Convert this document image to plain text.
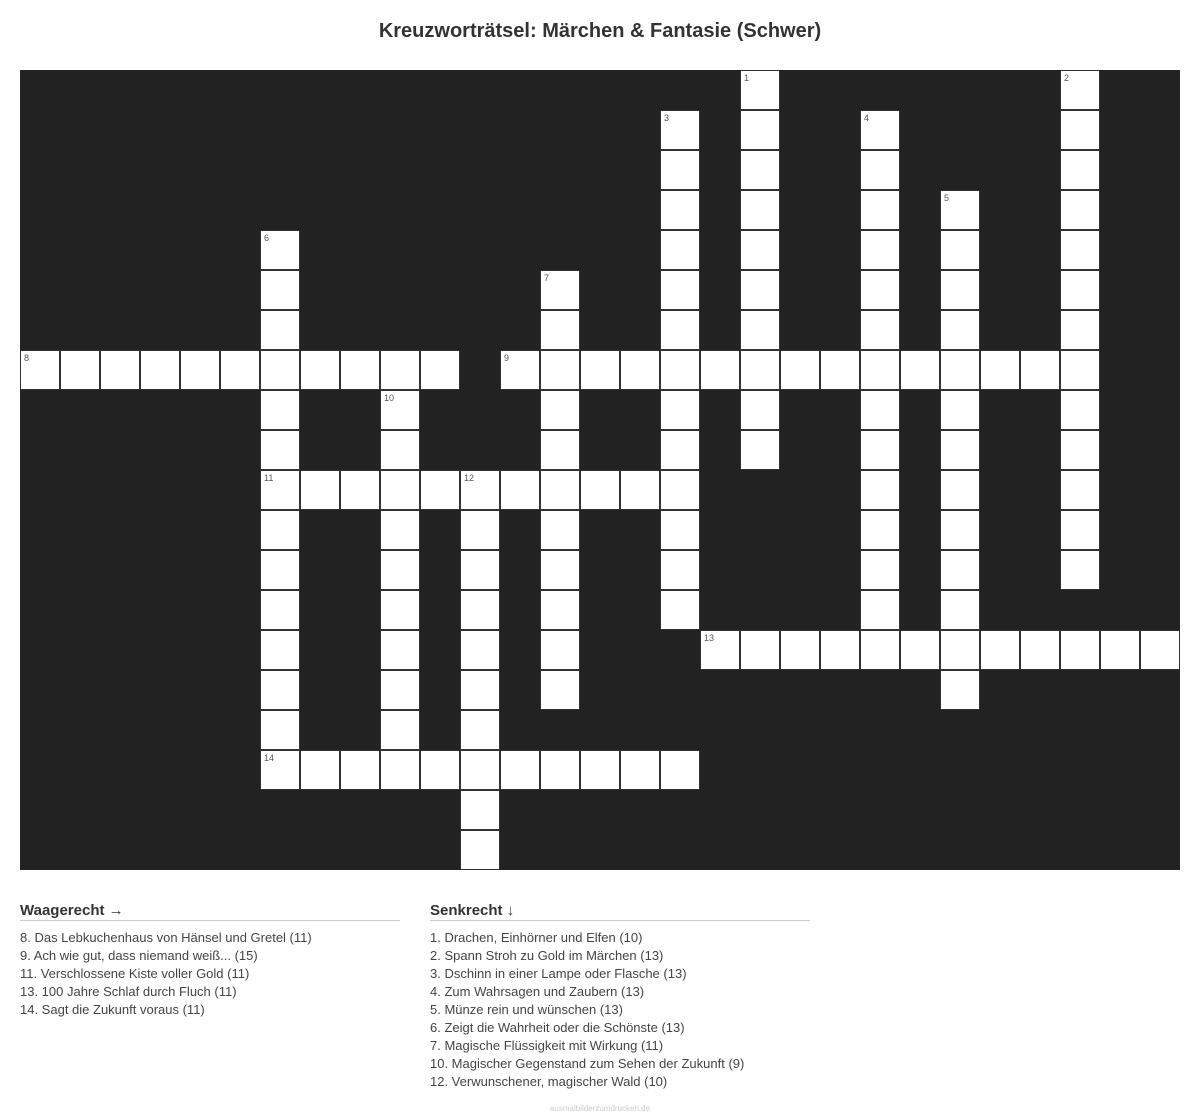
Kreuzworträtsel: Märchen & Fantasie (Schwer)
8	9
11	12
13
14
1	2
3	4
5
6
7
10
Waagerecht →
8. Das Lebkuchenhaus von Hänsel und Gretel (11)
9. Ach wie gut, dass niemand weiß... (15)
11. Verschlossene Kiste voller Gold (11)
13. 100 Jahre Schlaf durch Fluch (11)
14. Sagt die Zukunft voraus (11)
Senkrecht ↓
1. Drachen, Einhörner und Elfen (10)
2. Spann Stroh zu Gold im Märchen (13)
3. Dschinn in einer Lampe oder Flasche (13)
4. Zum Wahrsagen und Zaubern (13)
5. Münze rein und wünschen (13)
6. Zeigt die Wahrheit oder die Schönste (13)
7. Magische Flüssigkeit mit Wirkung (11)
10. Magischer Gegenstand zum Sehen der Zukunft (9)
12. Verwunschener, magischer Wald (10)
ausmalbilderzumdrucken.de
